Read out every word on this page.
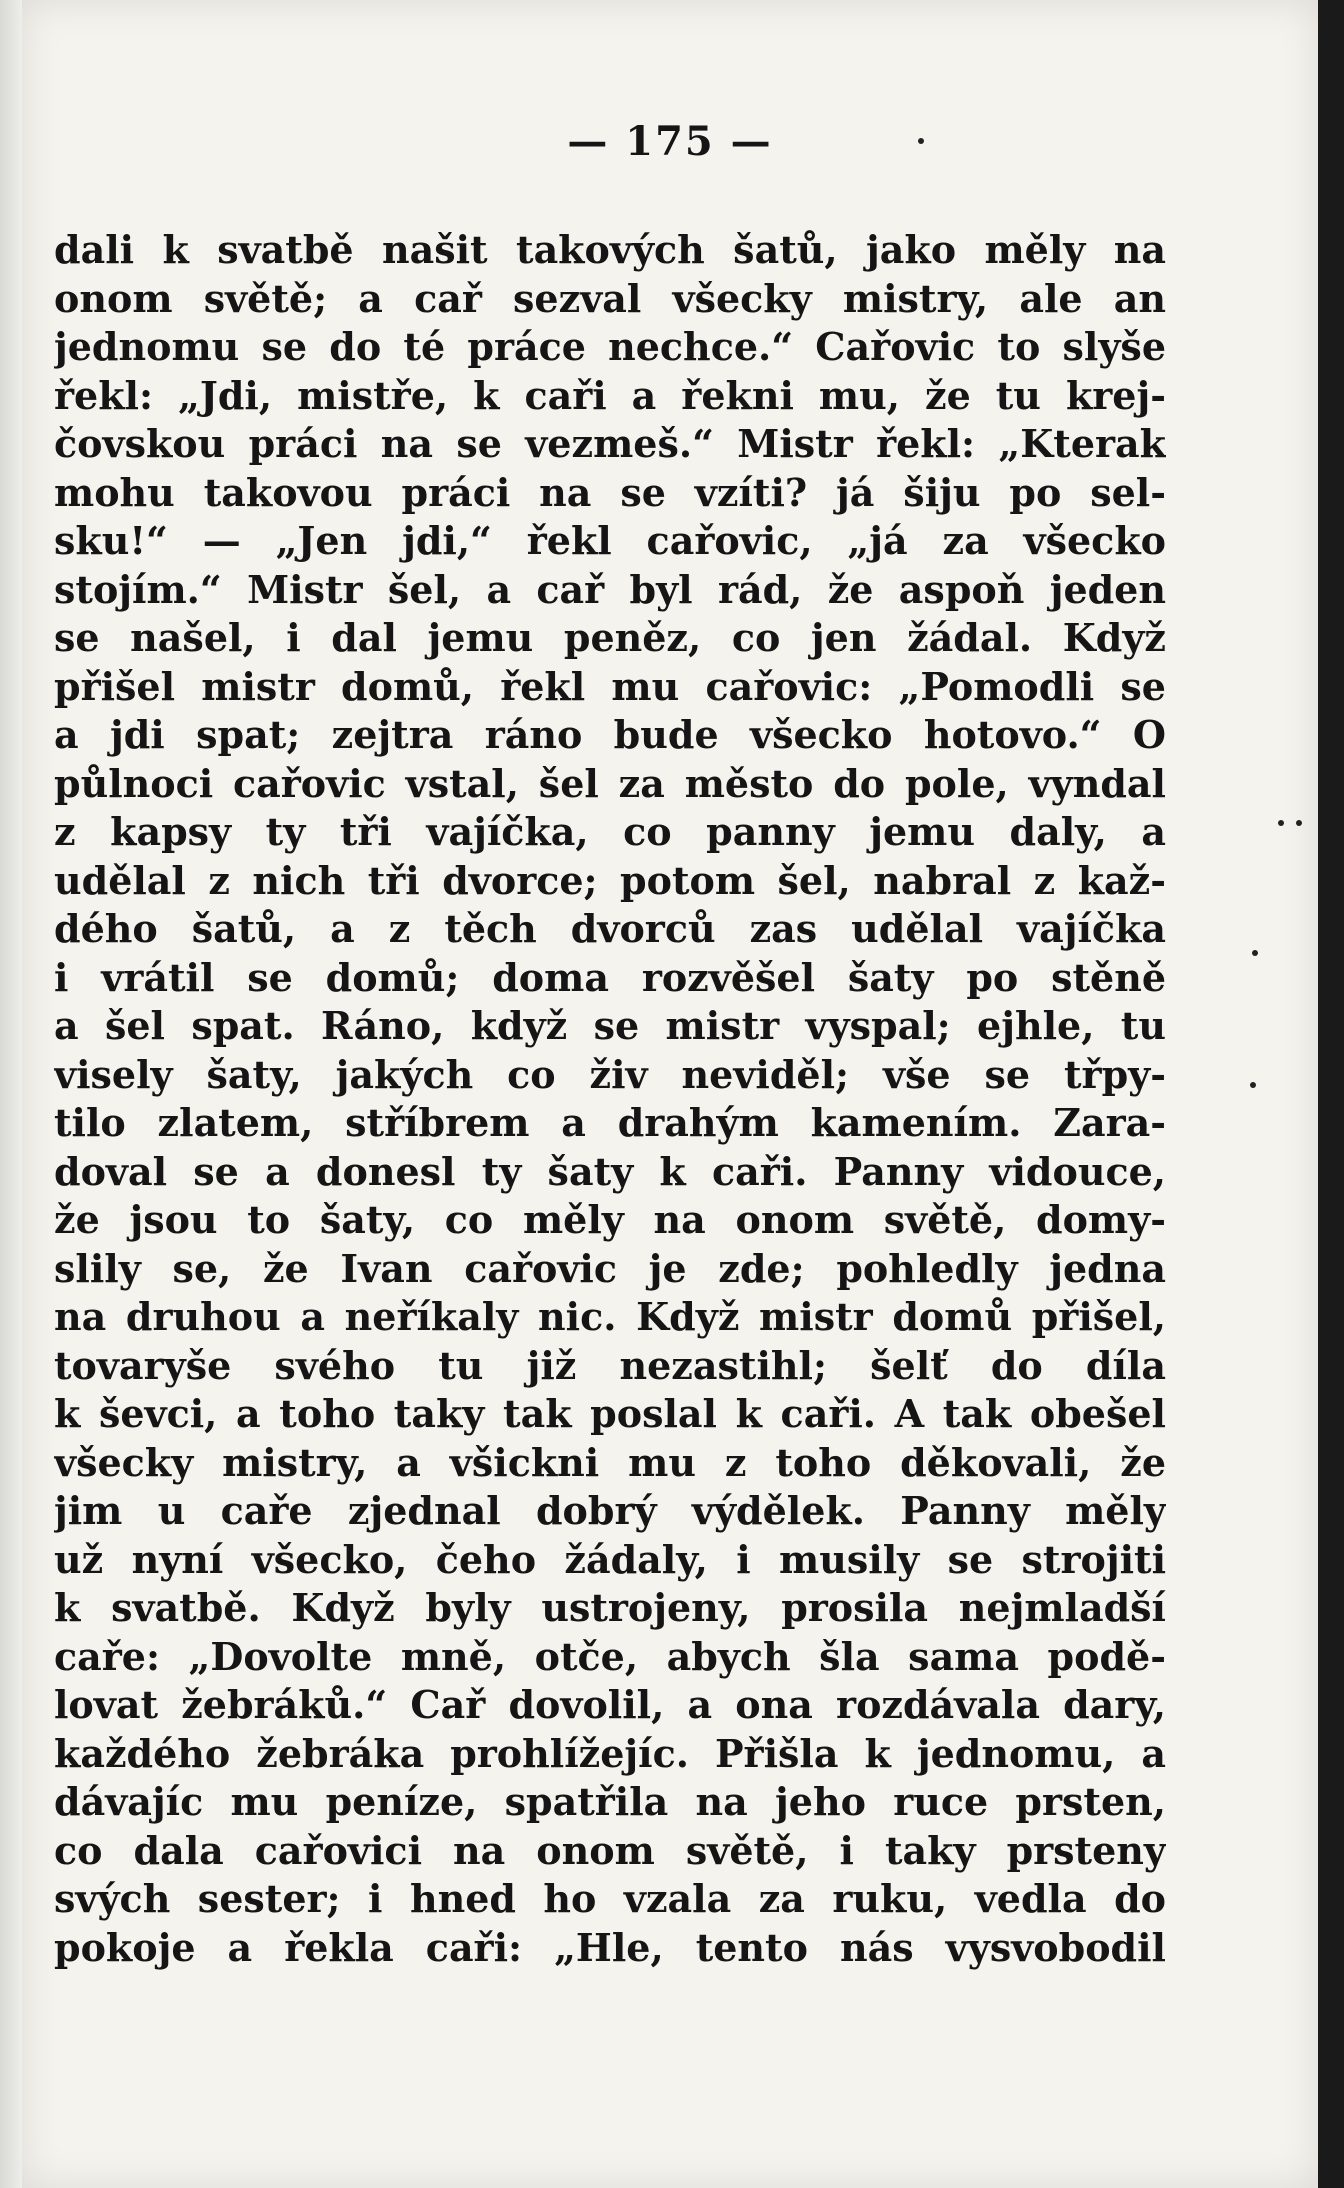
— 175 —
dali k svatbě našit takových šatů, jako měly na
onom světě; a cař sezval všecky mistry, ale an
jednomu se do té práce nechce.“ Cařovic to slyše
řekl: „Jdi, mistře, k caři a řekni mu, že tu krej-
čovskou práci na se vezmeš.“ Mistr řekl: „Kterak
mohu takovou práci na se vzíti? já šiju po sel-
sku!“ — „Jen jdi,“ řekl cařovic, „já za všecko
stojím.“ Mistr šel, a cař byl rád, že aspoň jeden
se našel, i dal jemu peněz, co jen žádal. Když
přišel mistr domů, řekl mu cařovic: „Pomodli se
a jdi spat; zejtra ráno bude všecko hotovo.“ O
půlnoci cařovic vstal, šel za město do pole, vyndal
z kapsy ty tři vajíčka, co panny jemu daly, a
udělal z nich tři dvorce; potom šel, nabral z kaž-
dého šatů, a z těch dvorců zas udělal vajíčka
i vrátil se domů; doma rozvěšel šaty po stěně
a šel spat. Ráno, když se mistr vyspal; ejhle, tu
visely šaty, jakých co živ neviděl; vše se třpy-
tilo zlatem, stříbrem a drahým kamením. Zara-
doval se a donesl ty šaty k caři. Panny vidouce,
že jsou to šaty, co měly na onom světě, domy-
slily se, že Ivan cařovic je zde; pohledly jedna
na druhou a neříkaly nic. Když mistr domů přišel,
tovaryše svého tu již nezastihl; šelť do díla
k ševci, a toho taky tak poslal k caři. A tak obešel
všecky mistry, a všickni mu z toho děkovali, že
jim u caře zjednal dobrý výdělek. Panny měly
už nyní všecko, čeho žádaly, i musily se strojiti
k svatbě. Když byly ustrojeny, prosila nejmladší
caře: „Dovolte mně, otče, abych šla sama podě-
lovat žebráků.“ Cař dovolil, a ona rozdávala dary,
každého žebráka prohlížejíc. Přišla k jednomu, a
dávajíc mu peníze, spatřila na jeho ruce prsten,
co dala cařovici na onom světě, i taky prsteny
svých sester; i hned ho vzala za ruku, vedla do
pokoje a řekla caři: „Hle, tento nás vysvobodil
